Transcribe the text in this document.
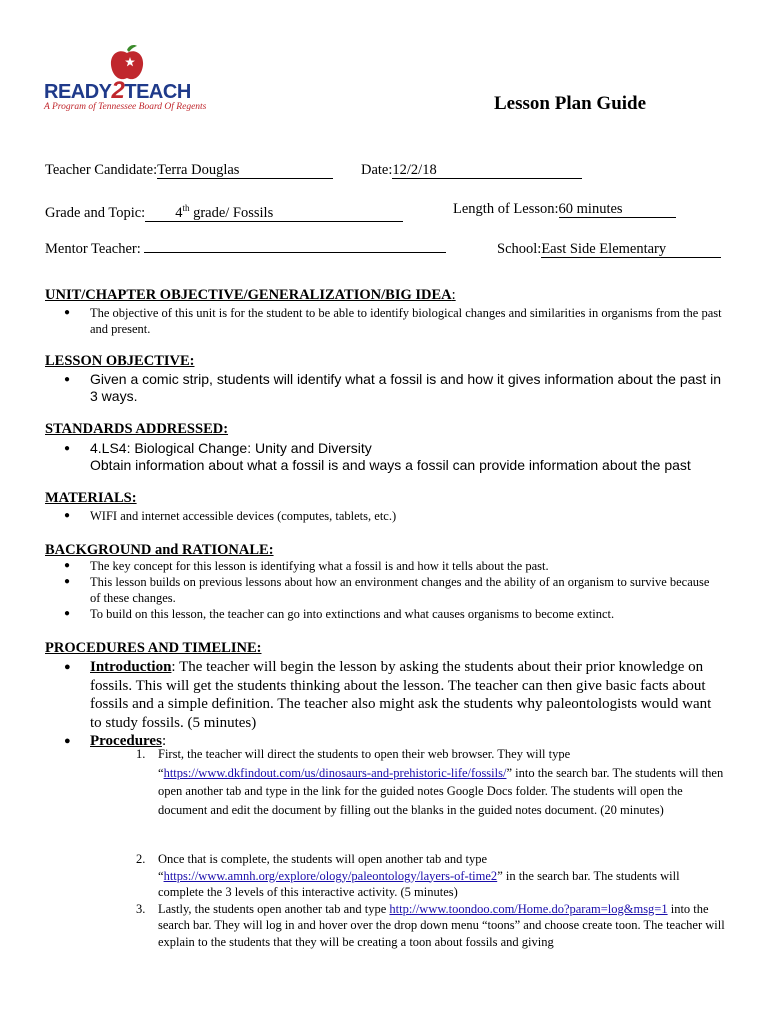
READY2TEACH
A Program of Tennessee Board Of Regents	Lesson Plan Guide
Teacher Candidate:Terra Douglas	Date:12/2/18
Grade and Topic: 4th grade/ Fossils	Length of Lesson:60 minutes
Mentor Teacher:	School:East Side Elementary
UNIT/CHAPTER OBJECTIVE/GENERALIZATION/BIG IDEA:
● The objective of this unit is for the student to be able to identify biological changes and similarities in organisms from the past and present.
LESSON OBJECTIVE:
● Given a comic strip, students will identify what a fossil is and how it gives information about the past in 3 ways.
STANDARDS ADDRESSED:
● 4.LS4: Biological Change: Unity and Diversity
Obtain information about what a fossil is and ways a fossil can provide information about the past
MATERIALS:
● WIFI and internet accessible devices (computes, tablets, etc.)
BACKGROUND and RATIONALE:
● The key concept for this lesson is identifying what a fossil is and how it tells about the past.
● This lesson builds on previous lessons about how an environment changes and the ability of an organism to survive because of these changes.
● To build on this lesson, the teacher can go into extinctions and what causes organisms to become extinct.
PROCEDURES AND TIMELINE:
● Introduction: The teacher will begin the lesson by asking the students about their prior knowledge on fossils. This will get the students thinking about the lesson. The teacher can then give basic facts about fossils and a simple definition. The teacher also might ask the students why paleontologists would want to study fossils. (5 minutes)
● Procedures:
1. First, the teacher will direct the students to open their web browser. They will type “https://www.dkfindout.com/us/dinosaurs-and-prehistoric-life/fossils/” into the search bar. The students will then open another tab and type in the link for the guided notes Google Docs folder. The students will open the document and edit the document by filling out the blanks in the guided notes document. (20 minutes)
2. Once that is complete, the students will open another tab and type “https://www.amnh.org/explore/ology/paleontology/layers-of-time2” in the search bar. The students will complete the 3 levels of this interactive activity. (5 minutes)
3. Lastly, the students open another tab and type http://www.toondoo.com/Home.do?param=log&msg=1 into the search bar. They will log in and hover over the drop down menu “toons” and choose create toon. The teacher will explain to the students that they will be creating a toon about fossils and giving
